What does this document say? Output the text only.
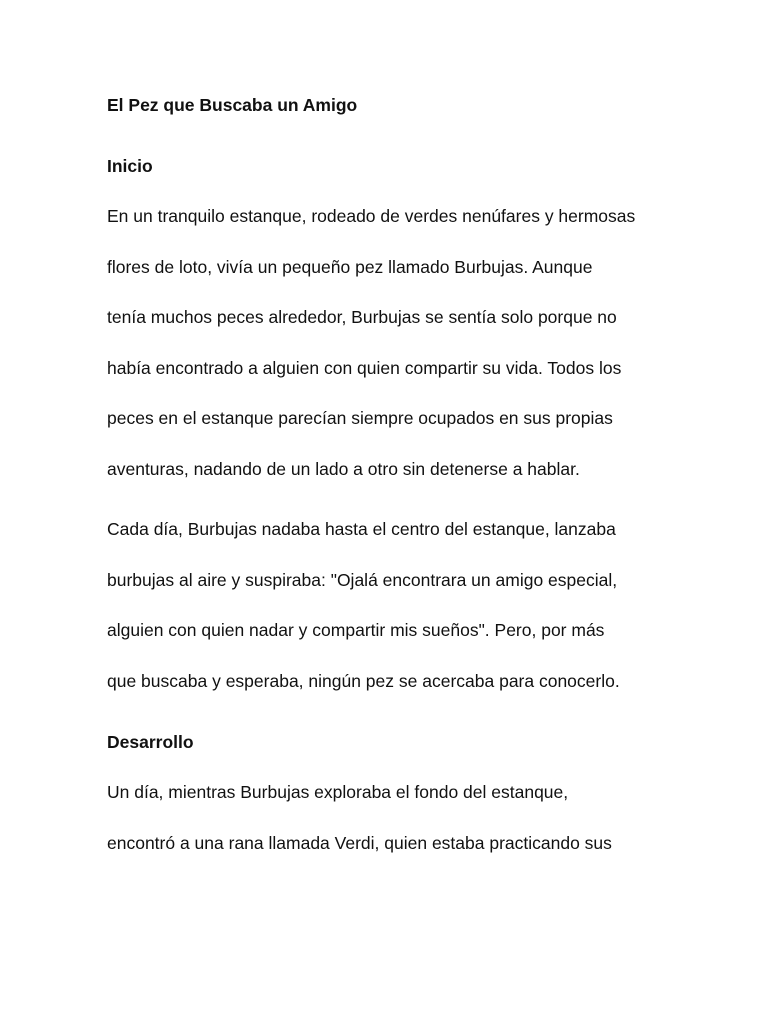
El Pez que Buscaba un Amigo
Inicio

En un tranquilo estanque, rodeado de verdes nenúfares y hermosas
flores de loto, vivía un pequeño pez llamado Burbujas. Aunque
tenía muchos peces alrededor, Burbujas se sentía solo porque no
había encontrado a alguien con quien compartir su vida. Todos los
peces en el estanque parecían siempre ocupados en sus propias
aventuras, nadando de un lado a otro sin detenerse a hablar.

Cada día, Burbujas nadaba hasta el centro del estanque, lanzaba
burbujas al aire y suspiraba: "Ojalá encontrara un amigo especial,
alguien con quien nadar y compartir mis sueños". Pero, por más
que buscaba y esperaba, ningún pez se acercaba para conocerlo.

Desarrollo

Un día, mientras Burbujas exploraba el fondo del estanque,
encontró a una rana llamada Verdi, quien estaba practicando sus
